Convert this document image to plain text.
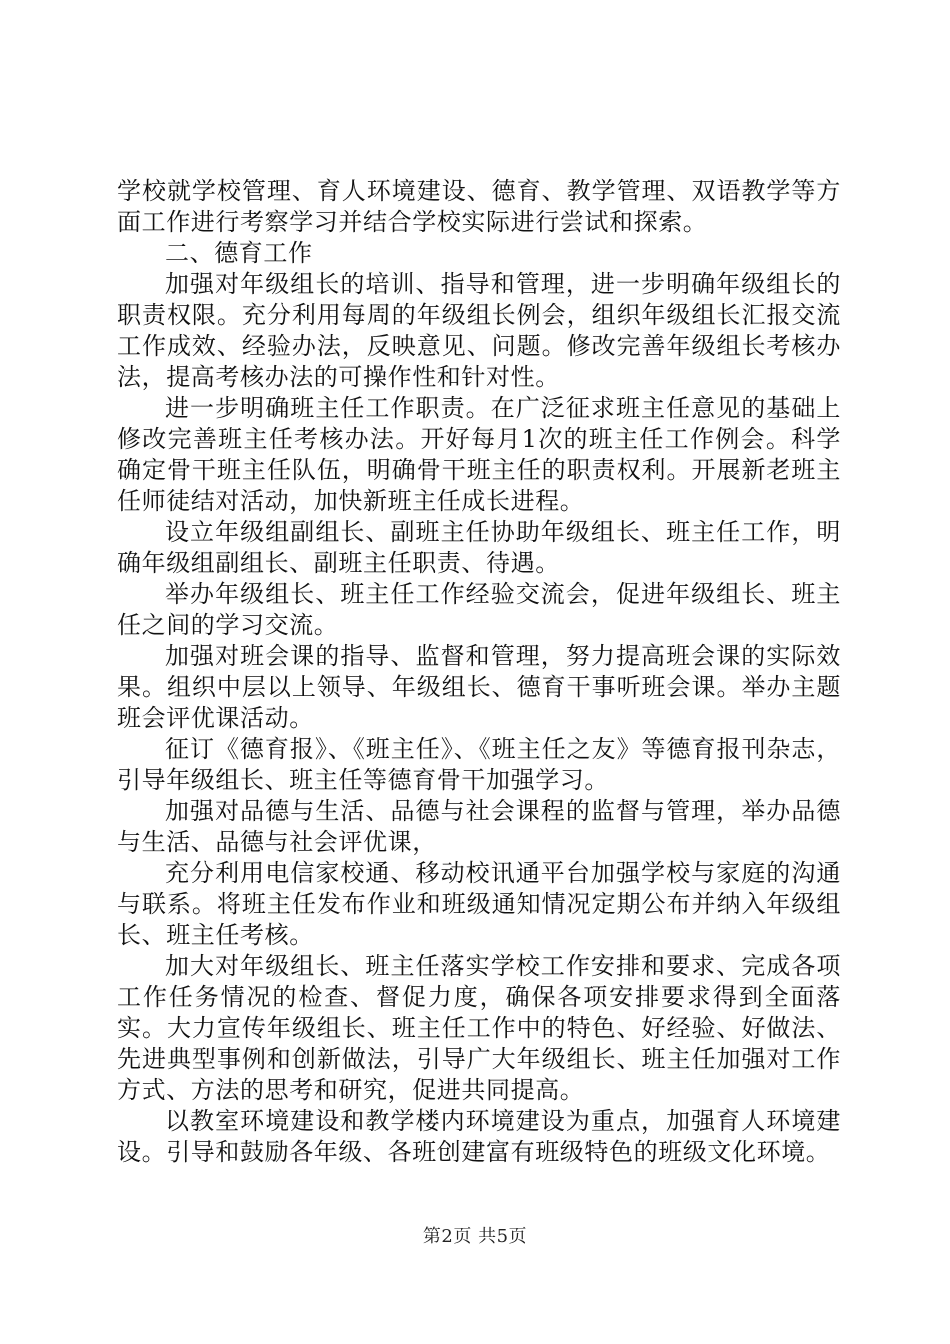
学校就学校管理、育人环境建设、德育、教学管理、双语教学等方面工作进行考察学习并结合学校实际进行尝试和探索。

二、德育工作

加强对年级组长的培训、指导和管理，进一步明确年级组长的职责权限。充分利用每周的年级组长例会，组织年级组长汇报交流工作成效、经验办法，反映意见、问题。修改完善年级组长考核办法，提高考核办法的可操作性和针对性。

进一步明确班主任工作职责。在广泛征求班主任意见的基础上修改完善班主任考核办法。开好每月1次的班主任工作例会。科学确定骨干班主任队伍，明确骨干班主任的职责权利。开展新老班主任师徒结对活动，加快新班主任成长进程。

设立年级组副组长、副班主任协助年级组长、班主任工作，明确年级组副组长、副班主任职责、待遇。

举办年级组长、班主任工作经验交流会，促进年级组长、班主任之间的学习交流。

加强对班会课的指导、监督和管理，努力提高班会课的实际效果。组织中层以上领导、年级组长、德育干事听班会课。举办主题班会评优课活动。

征订《德育报》、《班主任》、《班主任之友》等德育报刊杂志，引导年级组长、班主任等德育骨干加强学习。

加强对品德与生活、品德与社会课程的监督与管理，举办品德与生活、品德与社会评优课，

充分利用电信家校通、移动校讯通平台加强学校与家庭的沟通与联系。将班主任发布作业和班级通知情况定期公布并纳入年级组长、班主任考核。

加大对年级组长、班主任落实学校工作安排和要求、完成各项工作任务情况的检查、督促力度，确保各项安排要求得到全面落实。大力宣传年级组长、班主任工作中的特色、好经验、好做法、先进典型事例和创新做法，引导广大年级组长、班主任加强对工作方式、方法的思考和研究，促进共同提高。

以教室环境建设和教学楼内环境建设为重点，加强育人环境建设。引导和鼓励各年级、各班创建富有班级特色的班级文化环境。

第2页 共5页
